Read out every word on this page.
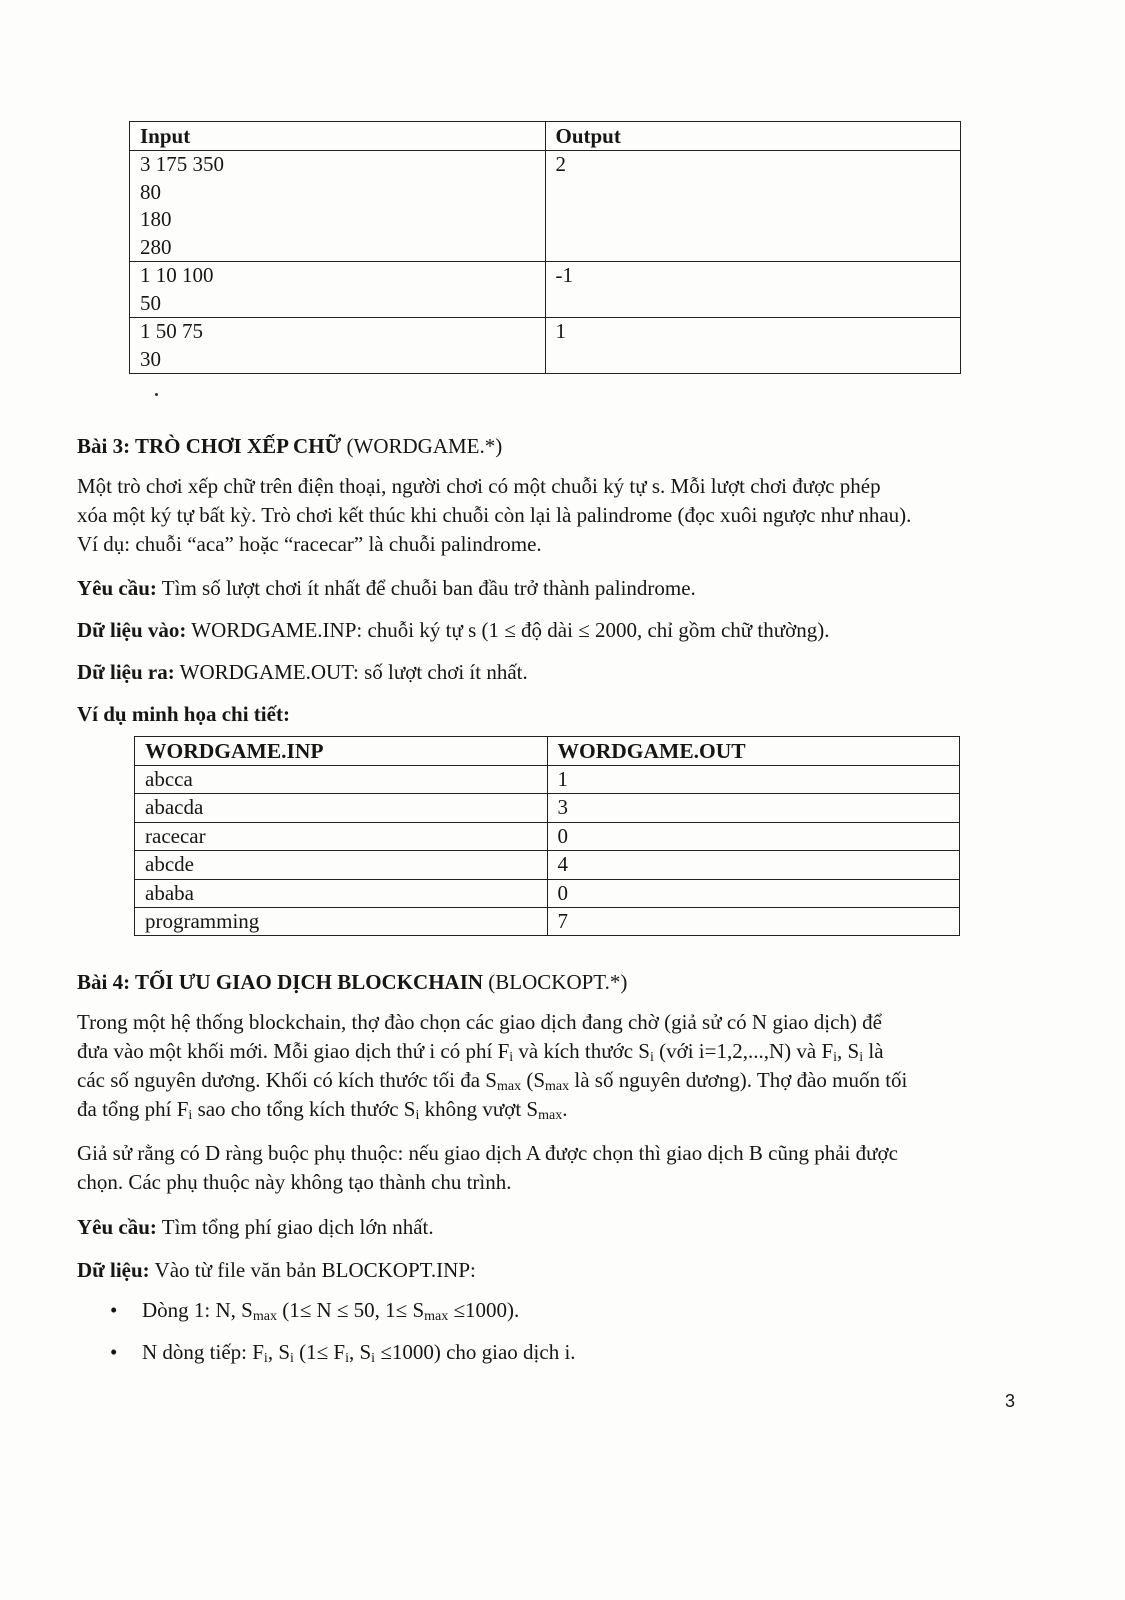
Input	Output

3 175 350
80
180
280	2

1 10 100
50	-1

1 50 75
30	1
Bài 3: TRÒ CHƠI XẾP CHỮ (WORDGAME.*)

Một trò chơi xếp chữ trên điện thoại, người chơi có một chuỗi ký tự s. Mỗi lượt chơi được phép
xóa một ký tự bất kỳ. Trò chơi kết thúc khi chuỗi còn lại là palindrome (đọc xuôi ngược như nhau).
Ví dụ: chuỗi “aca” hoặc “racecar” là chuỗi palindrome.

Yêu cầu: Tìm số lượt chơi ít nhất để chuỗi ban đầu trở thành palindrome.

Dữ liệu vào: WORDGAME.INP: chuỗi ký tự s (1 ≤ độ dài ≤ 2000, chỉ gồm chữ thường).

Dữ liệu ra: WORDGAME.OUT: số lượt chơi ít nhất.

Ví dụ minh họa chi tiết:

WORDGAME.INP	WORDGAME.OUT
abcca	1
abacda	3
racecar	0
abcde	4
ababa	0
programming	7
Bài 4: TỐI ƯU GIAO DỊCH BLOCKCHAIN (BLOCKOPT.*)

Trong một hệ thống blockchain, thợ đào chọn các giao dịch đang chờ (giả sử có N giao dịch) để
đưa vào một khối mới. Mỗi giao dịch thứ i có phí $F_i$ và kích thước $S_i$ (với i=1,2,...,N) và $F_i$, $S_i$ là
các số nguyên dương. Khối có kích thước tối đa $S_{max}$ ($S_{max}$ là số nguyên dương). Thợ đào muốn tối
đa tổng phí $F_i$ sao cho tổng kích thước $S_i$ không vượt $S_{max}$.

Giả sử rằng có D ràng buộc phụ thuộc: nếu giao dịch A được chọn thì giao dịch B cũng phải được
chọn. Các phụ thuộc này không tạo thành chu trình.

Yêu cầu: Tìm tổng phí giao dịch lớn nhất.

Dữ liệu: Vào từ file văn bản BLOCKOPT.INP:

• Dòng 1: N, $S_{max}$ (1≤ N ≤ 50, $1\le S_{max} \le 1000$).
• N dòng tiếp: $F_i$, $S_i$ ($1\le F_i$, $S_i \le 1000$) cho giao dịch i.
3
